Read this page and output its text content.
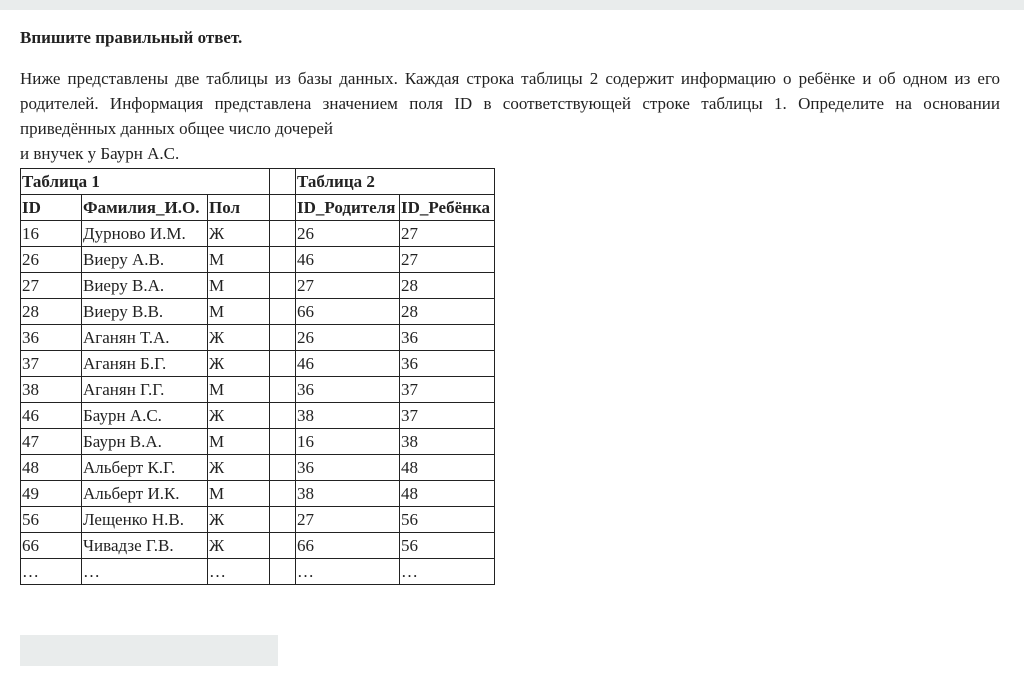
Впишите правильный ответ.

Ниже представлены две таблицы из базы данных. Каждая строка таблицы 2 содержит информацию о ребёнке и об одном из его родителей. Информация представлена значением поля ID в соответствующей строке таблицы 1. Определите на основании приведённых данных общее число дочерей

и внучек у Баурн А.С.

Таблица 1				Таблица 2	
ID	Фамилия_И.О.	Пол		ID_Родителя	ID_Ребёнка
16	Дурново И.М.	Ж		26	27
26	Виеру А.В.	М		46	27
27	Виеру В.А.	М		27	28
28	Виеру В.В.	М		66	28
36	Аганян Т.А.	Ж		26	36
37	Аганян Б.Г.	Ж		46	36
38	Аганян Г.Г.	М		36	37
46	Баурн А.С.	Ж		38	37
47	Баурн В.А.	М		16	38
48	Альберт К.Г.	Ж		36	48
49	Альберт И.К.	М		38	48
56	Лещенко Н.В.	Ж		27	56
66	Чивадзе Г.В.	Ж		66	56
…	…	…		…	…
